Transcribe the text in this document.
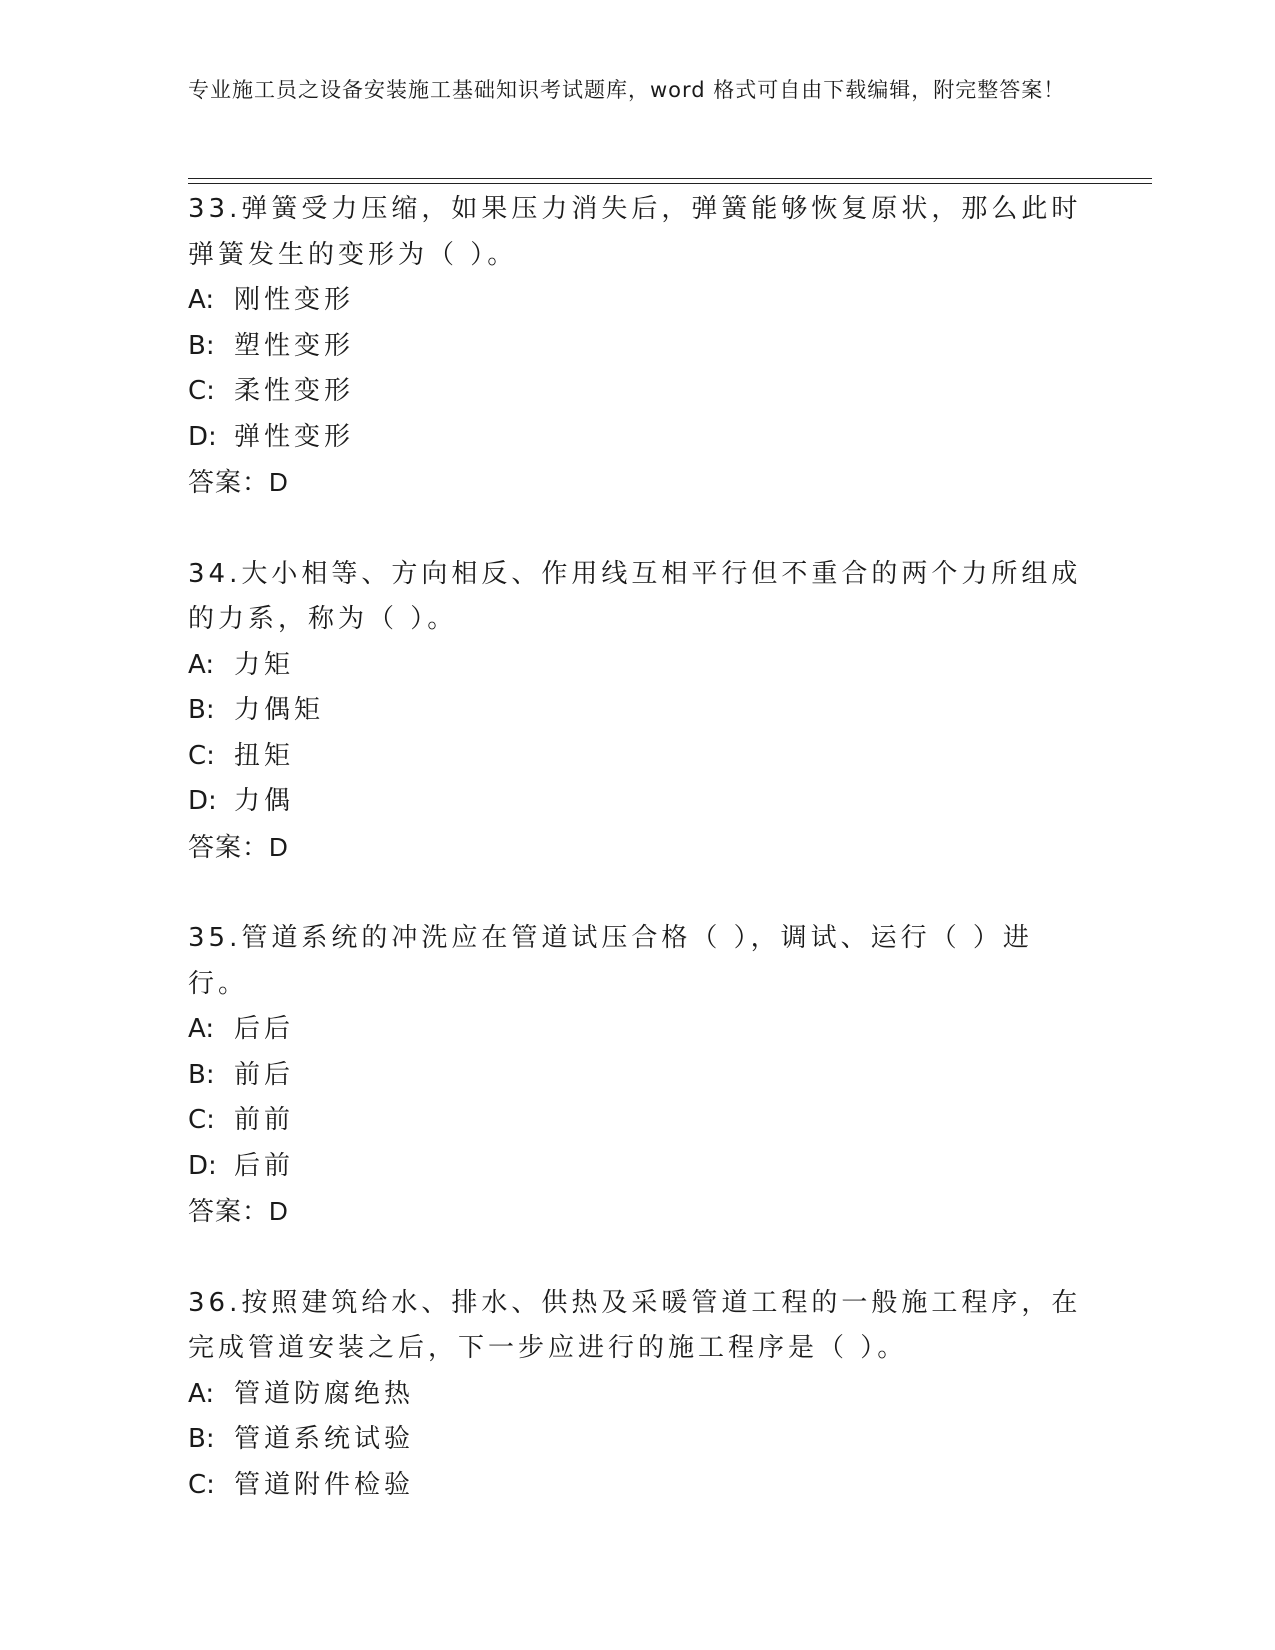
专业施工员之设备安装施工基础知识考试题库，word 格式可自由下载编辑，附完整答案！

33.弹簧受力压缩，如果压力消失后，弹簧能够恢复原状，那么此时弹簧发生的变形为（ ）。

A: 刚性变形
B: 塑性变形
C: 柔性变形
D: 弹性变形

答案：D

34.大小相等、方向相反、作用线互相平行但不重合的两个力所组成的力系，称为（ ）。

A: 力矩
B: 力偶矩
C: 扭矩
D: 力偶

答案：D

35.管道系统的冲洗应在管道试压合格（ ），调试、运行（ ）进行。

A: 后后
B: 前后
C: 前前
D: 后前

答案：D

36.按照建筑给水、排水、供热及采暖管道工程的一般施工程序，在完成管道安装之后，下一步应进行的施工程序是（ ）。

A: 管道防腐绝热
B: 管道系统试验
C: 管道附件检验
